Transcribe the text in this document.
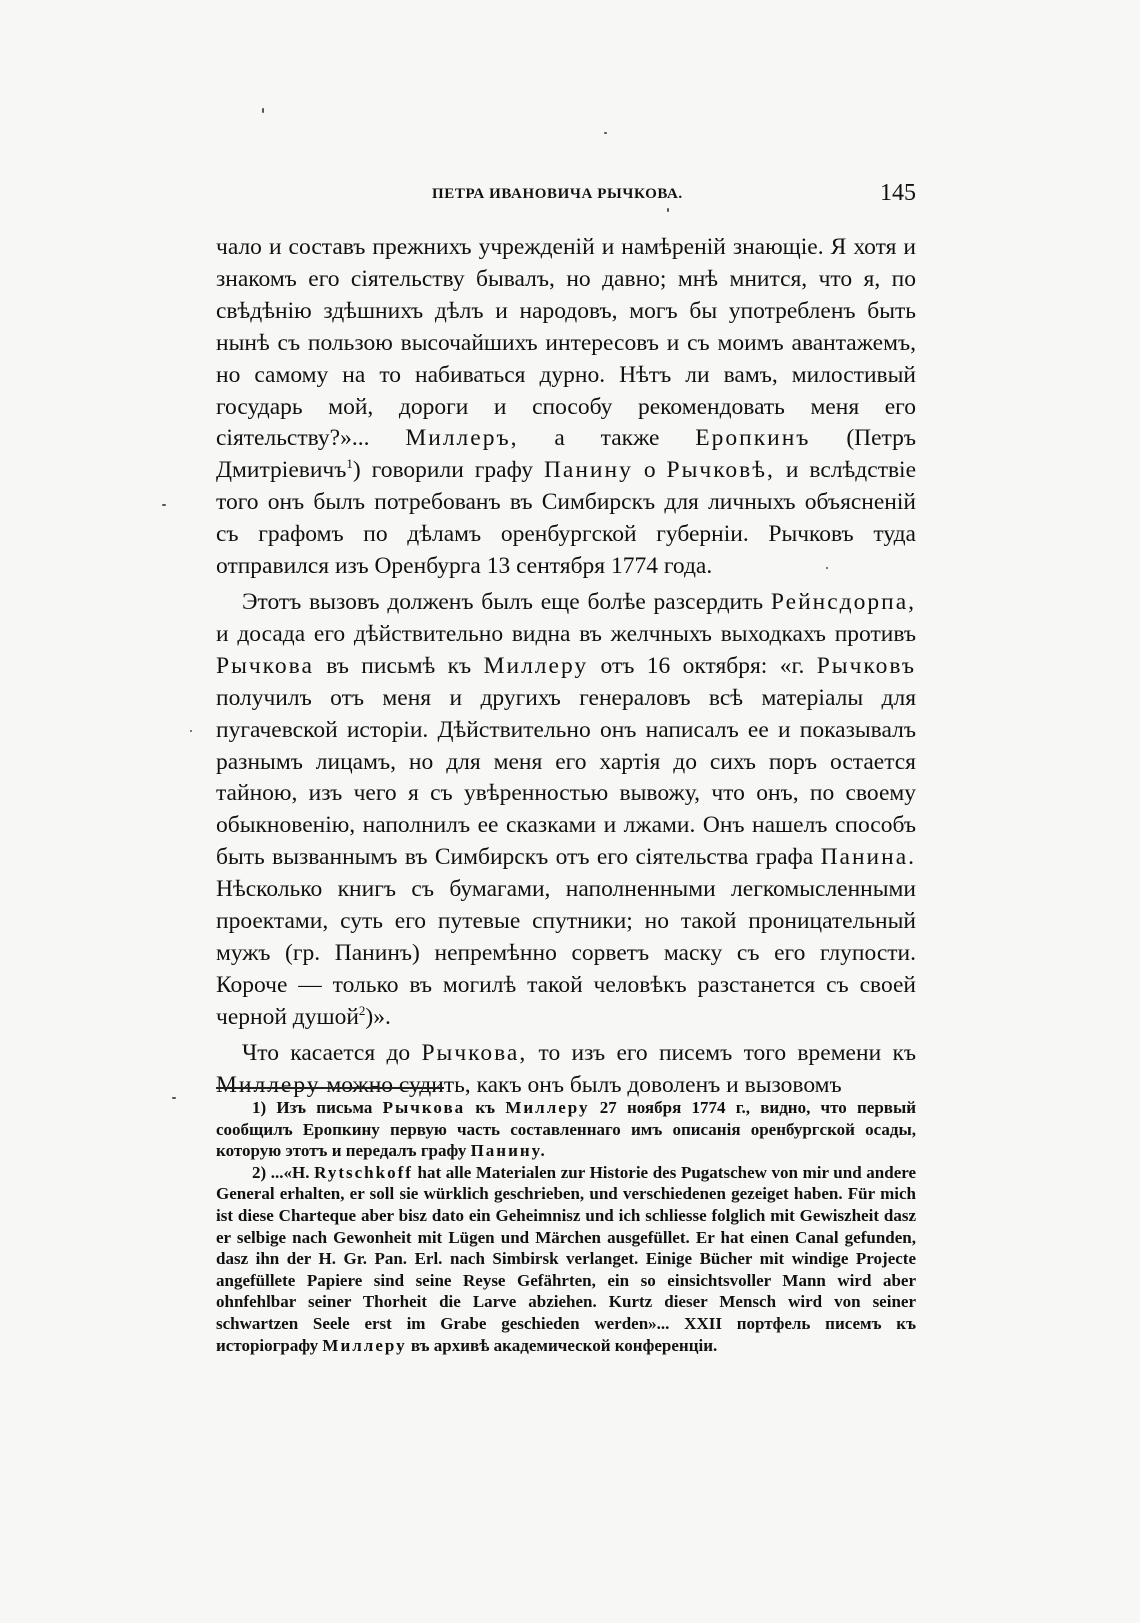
ПЕТРА ИВАНОВИЧА РЫЧКОВА.	145

чало и составъ прежнихъ учрежденій и намѣреній знающіе. Я хотя и знакомъ его сіятельству бывалъ, но давно; мнѣ мнится, что я, по свѣдѣнію здѣшнихъ дѣлъ и народовъ, могъ бы употребленъ быть нынѣ съ пользою высочайшихъ интересовъ и съ моимъ авантажемъ, но самому на то набиваться дурно. Нѣтъ ли вамъ, милостивый государь мой, дороги и способу рекомендовать меня его сіятельству?»... Миллеръ, а также Еропкинъ (Петръ Дмитріевичъ$^1$) говорили графу Панину о Рычковѣ, и вслѣдствіе того онъ былъ потребованъ въ Симбирскъ для личныхъ объясненій съ графомъ по дѣламъ оренбургской губерніи. Рычковъ туда отправился изъ Оренбурга 13 сентября 1774 года.

Этотъ вызовъ долженъ былъ еще болѣе разсердить Рейнсдорпа, и досада его дѣйствительно видна въ желчныхъ выходкахъ противъ Рычкова въ письмѣ къ Миллеру отъ 16 октября: «г. Рычковъ получилъ отъ меня и другихъ генераловъ всѣ матеріалы для пугачевской исторіи. Дѣйствительно онъ написалъ ее и показывалъ разнымъ лицамъ, но для меня его хартія до сихъ поръ остается тайною, изъ чего я съ увѣренностью вывожу, что онъ, по своему обыкновенію, наполнилъ ее сказками и лжами. Онъ нашелъ способъ быть вызваннымъ въ Симбирскъ отъ его сіятельства графа Панина. Нѣсколько книгъ съ бумагами, наполненными легкомысленными проектами, суть его путевые спутники; но такой проницательный мужъ (гр. Панинъ) непремѣнно сорветъ маску съ его глупости. Короче — только въ могилѣ такой человѣкъ разстанется съ своей черной душой$^2$)».

Что касается до Рычкова, то изъ его писемъ того времени къ Миллеру можно судить, какъ онъ былъ доволенъ и вызовомъ

1) Изъ письма Рычкова къ Миллеру 27 ноября 1774 г., видно, что первый сообщилъ Еропкину первую часть составленнаго имъ описанія оренбургской осады, которую этотъ и передалъ графу Панину.

2) ...«H. Rytschkoff hat alle Materialen zur Historie des Pugatschew von mir und andere General erhalten, er soll sie würklich geschrieben, und verschiedenen gezeiget haben. Für mich ist diese Charteque aber bisz dato ein Geheimnisz und ich schliesse folglich mit Gewiszheit dasz er selbige nach Gewonheit mit Lügen und Märchen ausgefüllet. Er hat einen Canal gefunden, dasz ihn der H. Gr. Pan. Erl. nach Simbirsk verlanget. Einige Bücher mit windige Projecte angefüllete Papiere sind seine Reyse Gefährten, ein so einsichtsvoller Mann wird aber ohnfehlbar seiner Thorheit die Larve abziehen. Kurtz dieser Mensch wird von seiner schwartzen Seele erst im Grabe geschieden werden»... XXII портфель писемъ къ исторіографу Миллеру въ архивѣ академической конференціи.
